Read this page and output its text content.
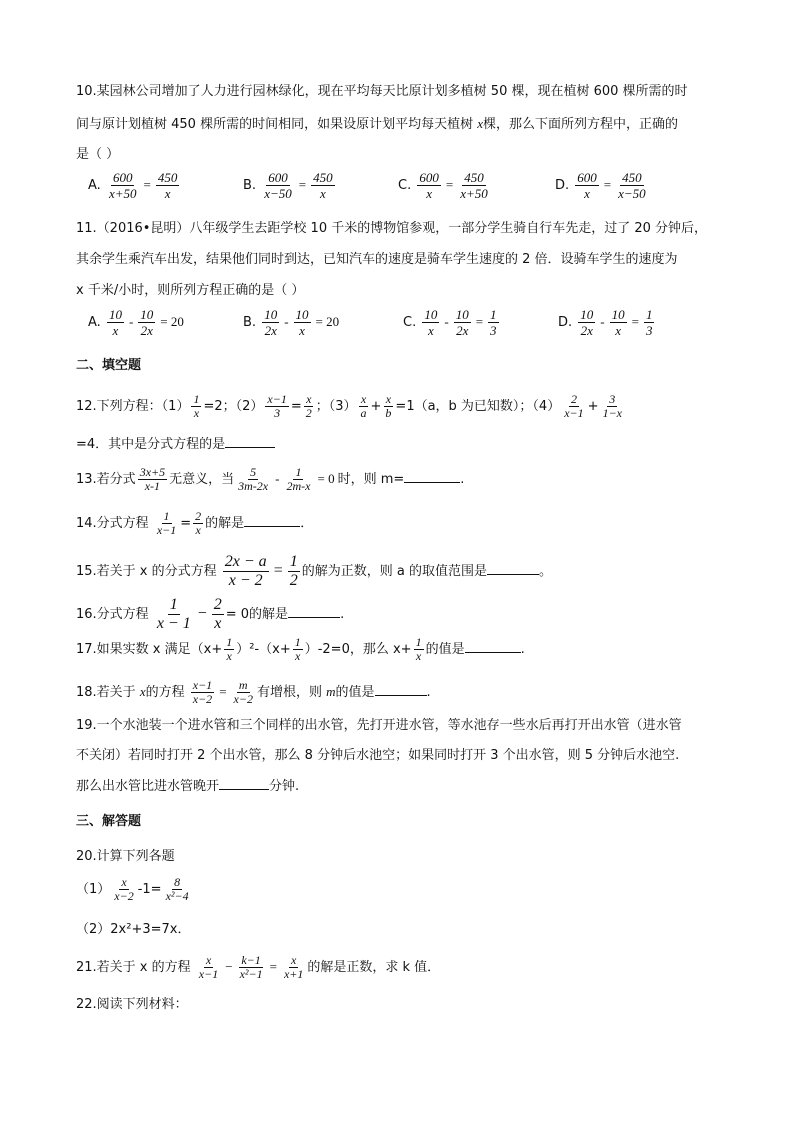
10.某园林公司增加了人力进行园林绿化，现在平均每天比原计划多植树 50 棵，现在植树 600 棵所需的时
间与原计划植树 450 棵所需的时间相同，如果设原计划平均每天植树 x棵，那么下面所列方程中，正确的
是（ ）
A. $\frac{600}{x+50} = \frac{450}{x}$	B. $\frac{600}{x-50} = \frac{450}{x}$	C. $\frac{600}{x} = \frac{450}{x+50}$	D. $\frac{600}{x} = \frac{450}{x-50}$
11.（2016•昆明）八年级学生去距学校 10 千米的博物馆参观，一部分学生骑自行车先走，过了 20 分钟后，
其余学生乘汽车出发，结果他们同时到达，已知汽车的速度是骑车学生速度的 2 倍．设骑车学生的速度为
x 千米/小时，则所列方程正确的是（ ）
A. $\frac{10}{x} - \frac{10}{2x} = 20$	B. $\frac{10}{2x} - \frac{10}{x} = 20$	C. $\frac{10}{x} - \frac{10}{2x} = \frac{1}{3}$	D. $\frac{10}{2x} - \frac{10}{x} = \frac{1}{3}$
二、填空题
12.下列方程：$(1) \frac{1}{x} =2$；$(2) \frac{x-1}{3} = \frac{x}{2}$ ；$(3) \frac{x}{a} + \frac{x}{b} =1(a$，b 为已知数）；$(4) \frac{2}{x-1} + \frac{3}{1-x}$
=4．其中是分式方程的是
13.若分式 $\frac{3x+5}{x-1}$ 无意义，当 $\frac{5}{3m-2x} - \frac{1}{2m-x} = 0$ 时，则 m=	.
14.分式方程 $\frac{1}{x-1} = \frac{2}{x}$ 的解是	．
15.若关于 x 的分式方程 $\frac{2x - a}{x - 2} = \frac{1}{2}$ 的解为正数，则 a 的取值范围是	。
16.分式方程 $\frac{1}{x - 1} - \frac{2}{x} = 0$的解是	.
17.如果实数 x 满足$(x+ \frac{1}{x} )^2-(x+ \frac{1}{x} )-2=0$，那么 $x+ \frac{1}{x}$ 的值是	.
18.若关于 x的方程 $\frac{x-1}{x-2} = \frac{m}{x-2}$ 有增根，则 m的值是	.
19.一个水池装一个进水管和三个同样的出水管，先打开进水管，等水池存一些水后再打开出水管（进水管
不关闭）若同时打开 2 个出水管，那么 8 分钟后水池空；如果同时打开 3 个出水管，则 5 分钟后水池空.
那么出水管比进水管晚开	分钟.
三、解答题
20.计算下列各题
$(1) \frac{x}{x-2} -1= \frac{8}{\text{x²−4}}$
（2）2x²+3=7x．
21.若关于 x 的方程 $\frac{x}{x-1} - \frac{k-1}{\text{x²−1}} = \frac{x}{x+1}$ 的解是正数，求 k 值．
22.阅读下列材料：
